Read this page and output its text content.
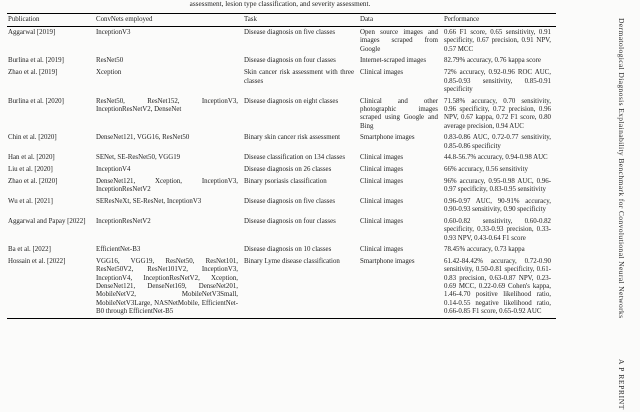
assessment, lesion type classification, and severity assessment.
Publication	ConvNets employed	Task	Data	Performance
Aggarwal [2019]	InceptionV3	Disease diagnosis on five classes	Open source images and images scraped from Google	0.66 F1 score, 0.65 sensitivity, 0.91 specificity, 0.67 precision, 0.91 NPV, 0.57 MCC
Burlina et al. [2019]	ResNet50	Disease diagnosis on four classes	Internet-scraped images	82.79% accuracy, 0.76 kappa score
Zhao et al. [2019]	Xception	Skin cancer risk assessment with three classes	Clinical images	72% accuracy, 0.92-0.96 ROC AUC, 0.85-0.93 sensitivity, 0.85-0.91 specificity
Burlina et al. [2020]	ResNet50, ResNet152, InceptionV3, InceptionResNetV2, DenseNet	Disease diagnosis on eight classes	Clinical and other photographic images scraped using Google and Bing	71.58% accuracy, 0.70 sensitivity, 0.96 specificity, 0.72 precision, 0.96 NPV, 0.67 kappa, 0.72 F1 score, 0.80 average precision, 0.94 AUC
Chin et al. [2020]	DenseNet121, VGG16, ResNet50	Binary skin cancer risk assessment	Smartphone images	0.83-0.86 AUC, 0.72-0.77 sensitivity, 0.85-0.86 specificity
Han et al. [2020]	SENet, SE-ResNet50, VGG19	Disease classification on 134 classes	Clinical images	44.8-56.7% accuracy, 0.94-0.98 AUC
Liu et al. [2020]	InceptionV4	Disease diagnosis on 26 classes	Clinical images	66% accuracy, 0.56 sensitivity
Zhao et al. [2020]	DenseNet121, Xception, InceptionV3, InceptionResNetV2	Binary psoriasis classification	Clinical images	96% accuracy, 0.95-0.98 AUC, 0.96-0.97 specificity, 0.83-0.95 sensitivity
Wu et al. [2021]	SEResNeXt, SE-ResNet, InceptionV3	Disease diagnosis on five classes	Clinical images	0.96-0.97 AUC, 90-91% accuracy, 0.90-0.93 sensitivity, 0.90 specificity
Aggarwal and Papay [2022]	InceptionResNetV2	Disease diagnosis on four classes	Clinical images	0.60-0.82 sensitivity, 0.60-0.82 specificity, 0.33-0.93 precision, 0.33-0.93 NPV, 0.43-0.64 F1 score
Ba et al. [2022]	EfficientNet-B3	Disease diagnosis on 10 classes	Clinical images	78.45% accuracy, 0.73 kappa
Hossain et al. [2022]	VGG16, VGG19, ResNet50, ResNet101, ResNet50V2, ResNet101V2, InceptionV3, InceptionV4, InceptionResNetV2, Xception, DenseNet121, DenseNet169, DenseNet201, MobileNetV2, MobileNetV3Small, MobileNetV3Large, NASNetMobile, EfficientNet-B0 through EfficientNet-B5	Binary Lyme disease classification	Smartphone images	61.42-84.42% accuracy, 0.72-0.90 sensitivity, 0.50-0.81 specificity, 0.61-0.83 precision, 0.63-0.87 NPV, 0.23-0.69 MCC, 0.22-0.69 Cohen's kappa, 1.46-4.70 positive likelihood ratio, 0.14-0.55 negative likelihood ratio, 0.66-0.85 F1 score, 0.65-0.92 AUC	Dermatological Diagnosis Explainability Benchmark for Convolutional Neural Networks
A P REPRINT
